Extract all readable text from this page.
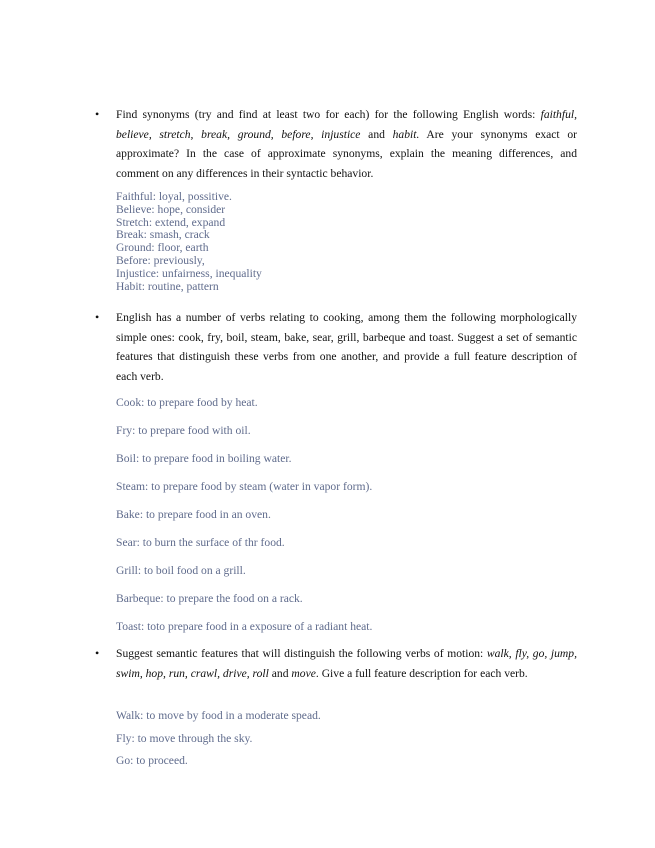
• Find synonyms (try and find at least two for each) for the following English words: faithful, believe, stretch, break, ground, before, injustice and habit. Are your synonyms exact or approximate? In the case of approximate synonyms, explain the meaning differences, and comment on any differences in their syntactic behavior.

Faithful: loyal, possitive.
Believe: hope, consider
Stretch: extend, expand
Break: smash, crack
Ground: floor, earth
Before: previously,
Injustice: unfairness, inequality
Habit: routine, pattern
• English has a number of verbs relating to cooking, among them the following morphologically simple ones: cook, fry, boil, steam, bake, sear, grill, barbeque and toast. Suggest a set of semantic features that distinguish these verbs from one another, and provide a full feature description of each verb.

Cook: to prepare food by heat.

Fry: to prepare food with oil.

Boil: to prepare food in boiling water.

Steam: to prepare food by steam (water in vapor form).

Bake: to prepare food in an oven.

Sear: to burn the surface of thr food.

Grill: to boil food on a grill.

Barbeque: to prepare the food on a rack.

Toast: toto prepare food in a exposure of a radiant heat.

• Suggest semantic features that will distinguish the following verbs of motion: walk, fly, go, jump, swim, hop, run, crawl, drive, roll and move. Give a full feature description for each verb.

Walk: to move by food in a moderate spead.

Fly: to move through the sky.

Go: to proceed.
